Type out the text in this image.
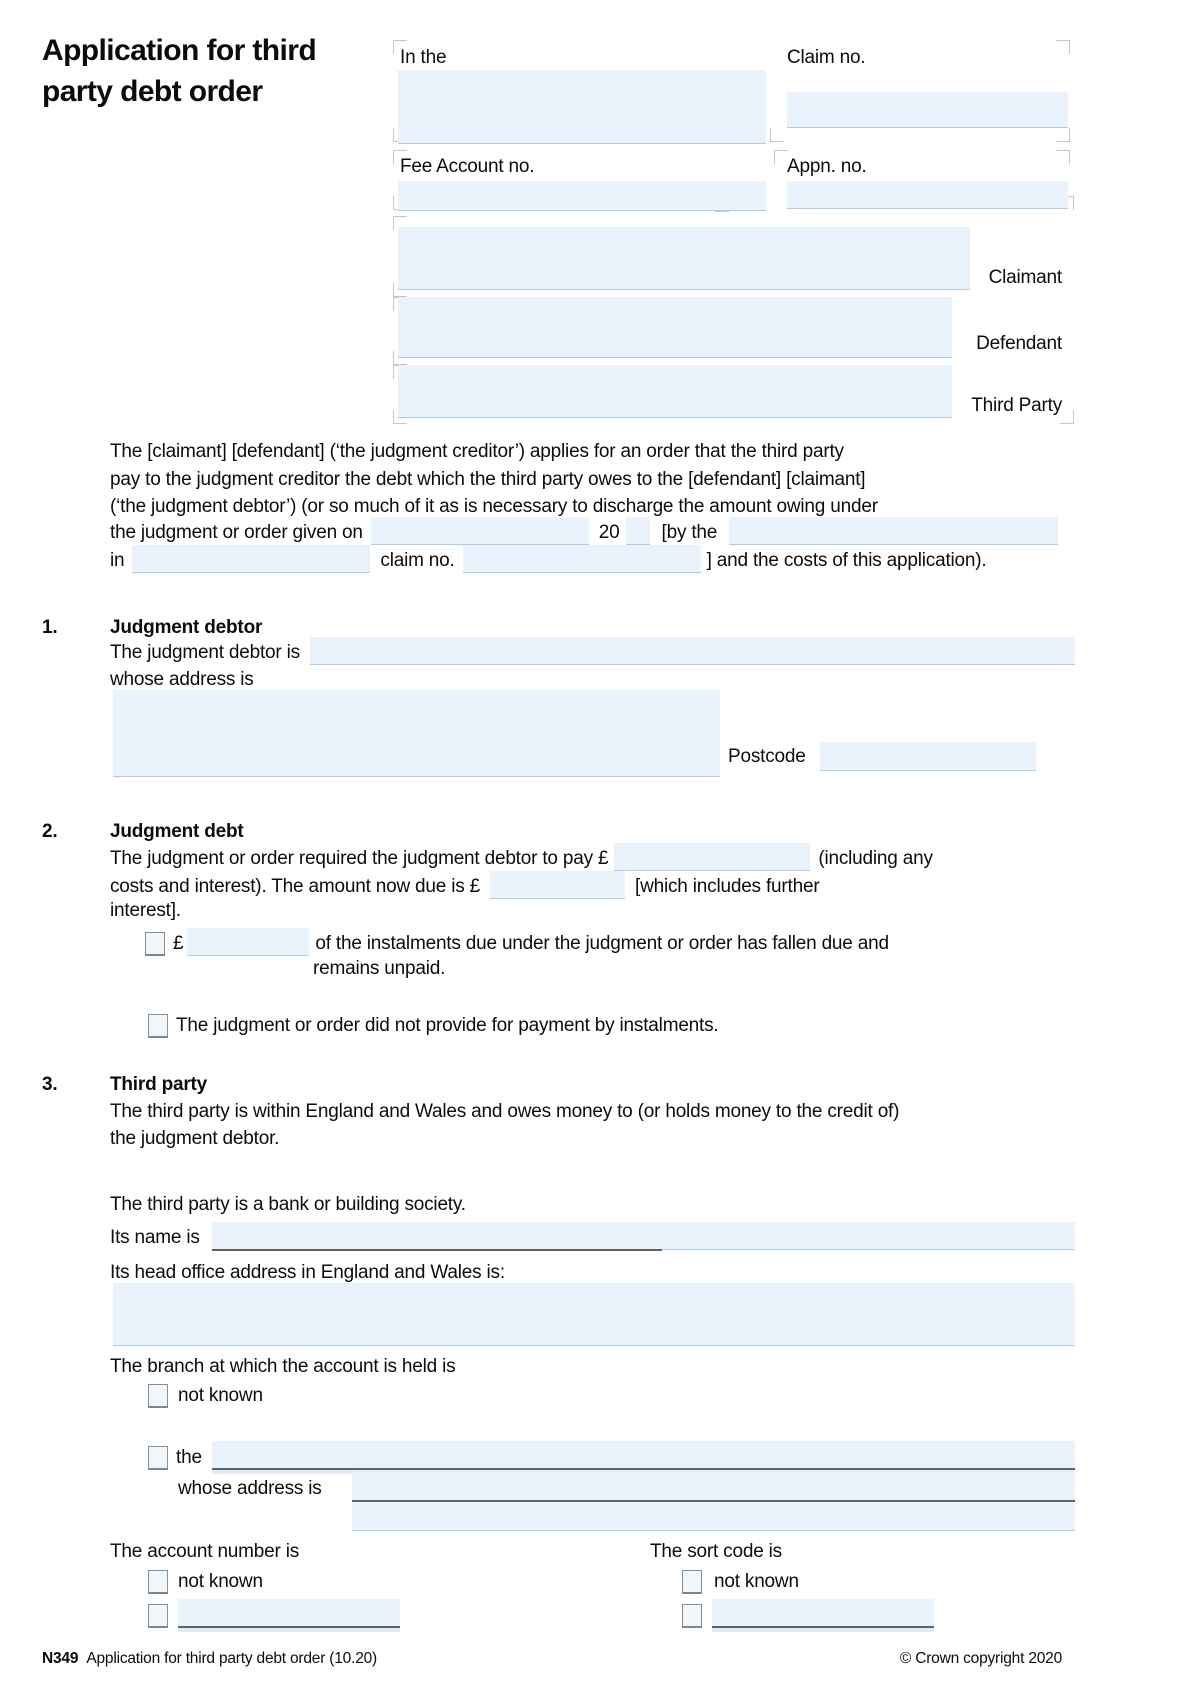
Application for third party debt order
In the	Claim no.
Fee Account no.	Appn. no.
Claimant
Defendant
Third Party
The [claimant] [defendant] (‘the judgment creditor’) applies for an order that the third party
pay to the judgment creditor the debt which the third party owes to the [defendant] [claimant]
(‘the judgment debtor’) (or so much of it as is necessary to discharge the amount owing under
the judgment or order given on	20 [by the
in	claim no.	] and the costs of this application).
1.	Judgment debtor
The judgment debtor is
whose address is
Postcode
2.	Judgment debt
The judgment or order required the judgment debtor to pay £	(including any
costs and interest). The amount now due is £	[which includes further
interest].
£	of the instalments due under the judgment or order has fallen due and
remains unpaid.
The judgment or order did not provide for payment by instalments.
3.	Third party
The third party is within England and Wales and owes money to (or holds money to the credit of)
the judgment debtor.
The third party is a bank or building society.
Its name is
Its head office address in England and Wales is:
The branch at which the account is held is
not known
the
whose address is
The account number is
not known
The sort code is
not known
N349 Application for third party debt order (10.20)	© Crown copyright 2020
